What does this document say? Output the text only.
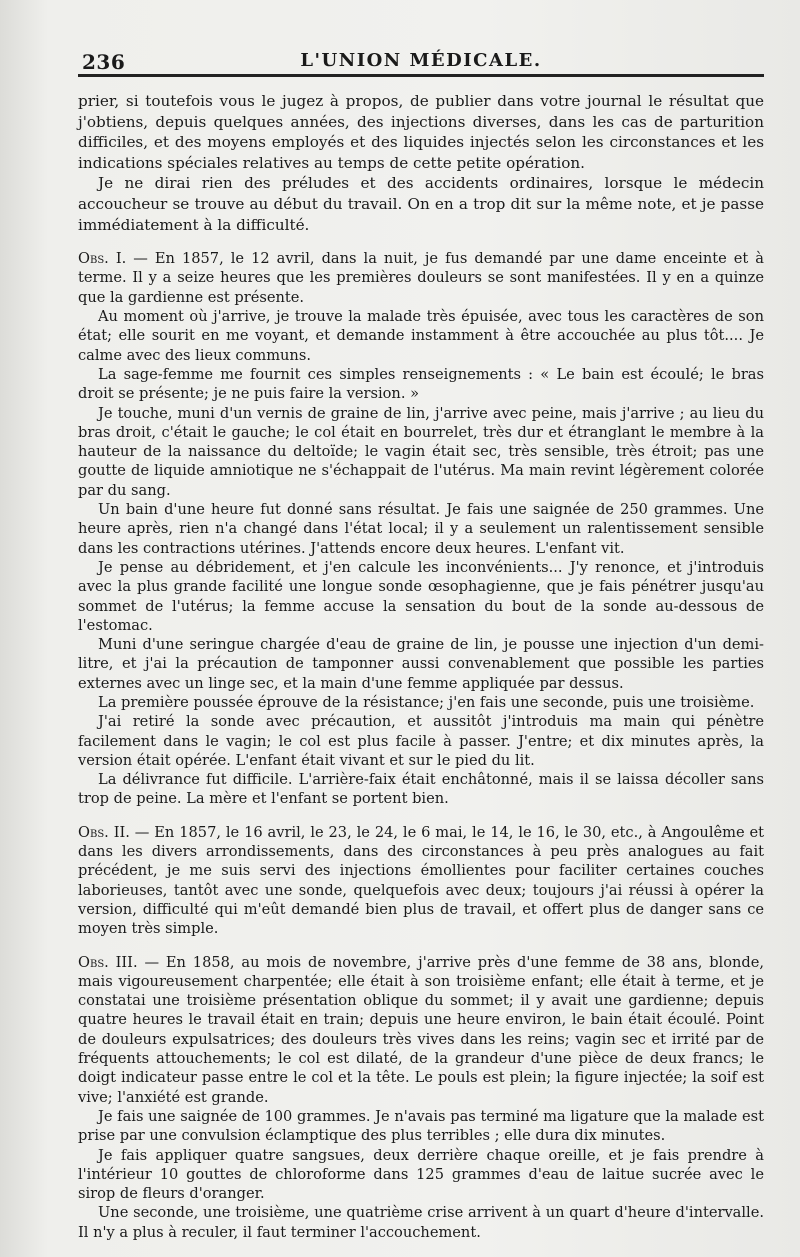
236	L'UNION MÉDICALE.

prier, si toutefois vous le jugez à propos, de publier dans votre journal le résultat que j'obtiens, depuis quelques années, des injections diverses, dans les cas de parturition difficiles, et des moyens employés et des liquides injectés selon les circonstances et les indications spéciales relatives au temps de cette petite opération.

Je ne dirai rien des préludes et des accidents ordinaires, lorsque le médecin accoucheur se trouve au début du travail. On en a trop dit sur la même note, et je passe immédiatement à la difficulté.

Obs. I. — En 1857, le 12 avril, dans la nuit, je fus demandé par une dame enceinte et à terme. Il y a seize heures que les premières douleurs se sont manifestées. Il y en a quinze que la gardienne est présente.

Au moment où j'arrive, je trouve la malade très épuisée, avec tous les caractères de son état; elle sourit en me voyant, et demande instamment à être accouchée au plus tôt.... Je calme avec des lieux communs.

La sage-femme me fournit ces simples renseignements : « Le bain est écoulé; le bras droit se présente; je ne puis faire la version. »

Je touche, muni d'un vernis de graine de lin, j'arrive avec peine, mais j'arrive ; au lieu du bras droit, c'était le gauche; le col était en bourrelet, très dur et étranglant le membre à la hauteur de la naissance du deltoïde; le vagin était sec, très sensible, très étroit; pas une goutte de liquide amniotique ne s'échappait de l'utérus. Ma main revint légèrement colorée par du sang.

Un bain d'une heure fut donné sans résultat. Je fais une saignée de 250 grammes. Une heure après, rien n'a changé dans l'état local; il y a seulement un ralentissement sensible dans les contractions utérines. J'attends encore deux heures. L'enfant vit.

Je pense au débridement, et j'en calcule les inconvénients... J'y renonce, et j'introduis avec la plus grande facilité une longue sonde œsophagienne, que je fais pénétrer jusqu'au sommet de l'utérus; la femme accuse la sensation du bout de la sonde au-dessous de l'estomac.

Muni d'une seringue chargée d'eau de graine de lin, je pousse une injection d'un demi-litre, et j'ai la précaution de tamponner aussi convenablement que possible les parties externes avec un linge sec, et la main d'une femme appliquée par dessus.

La première poussée éprouve de la résistance; j'en fais une seconde, puis une troisième.

J'ai retiré la sonde avec précaution, et aussitôt j'introduis ma main qui pénètre facilement dans le vagin; le col est plus facile à passer. J'entre; et dix minutes après, la version était opérée. L'enfant était vivant et sur le pied du lit.

La délivrance fut difficile. L'arrière-faix était enchâtonné, mais il se laissa décoller sans trop de peine. La mère et l'enfant se portent bien.

Obs. II. — En 1857, le 16 avril, le 23, le 24, le 6 mai, le 14, le 16, le 30, etc., à Angoulême et dans les divers arrondissements, dans des circonstances à peu près analogues au fait précédent, je me suis servi des injections émollientes pour faciliter certaines couches laborieuses, tantôt avec une sonde, quelquefois avec deux; toujours j'ai réussi à opérer la version, difficulté qui m'eût demandé bien plus de travail, et offert plus de danger sans ce moyen très simple.

Obs. III. — En 1858, au mois de novembre, j'arrive près d'une femme de 38 ans, blonde, mais vigoureusement charpentée; elle était à son troisième enfant; elle était à terme, et je constatai une troisième présentation oblique du sommet; il y avait une gardienne; depuis quatre heures le travail était en train; depuis une heure environ, le bain était écoulé. Point de douleurs expulsatrices; des douleurs très vives dans les reins; vagin sec et irrité par de fréquents attouchements; le col est dilaté, de la grandeur d'une pièce de deux francs; le doigt indicateur passe entre le col et la tête. Le pouls est plein; la figure injectée; la soif est vive; l'anxiété est grande.

Je fais une saignée de 100 grammes. Je n'avais pas terminé ma ligature que la malade est prise par une convulsion éclamptique des plus terribles ; elle dura dix minutes.

Je fais appliquer quatre sangsues, deux derrière chaque oreille, et je fais prendre à l'intérieur 10 gouttes de chloroforme dans 125 grammes d'eau de laitue sucrée avec le sirop de fleurs d'oranger.

Une seconde, une troisième, une quatrième crise arrivent à un quart d'heure d'intervalle. Il n'y a plus à reculer, il faut terminer l'accouchement.
